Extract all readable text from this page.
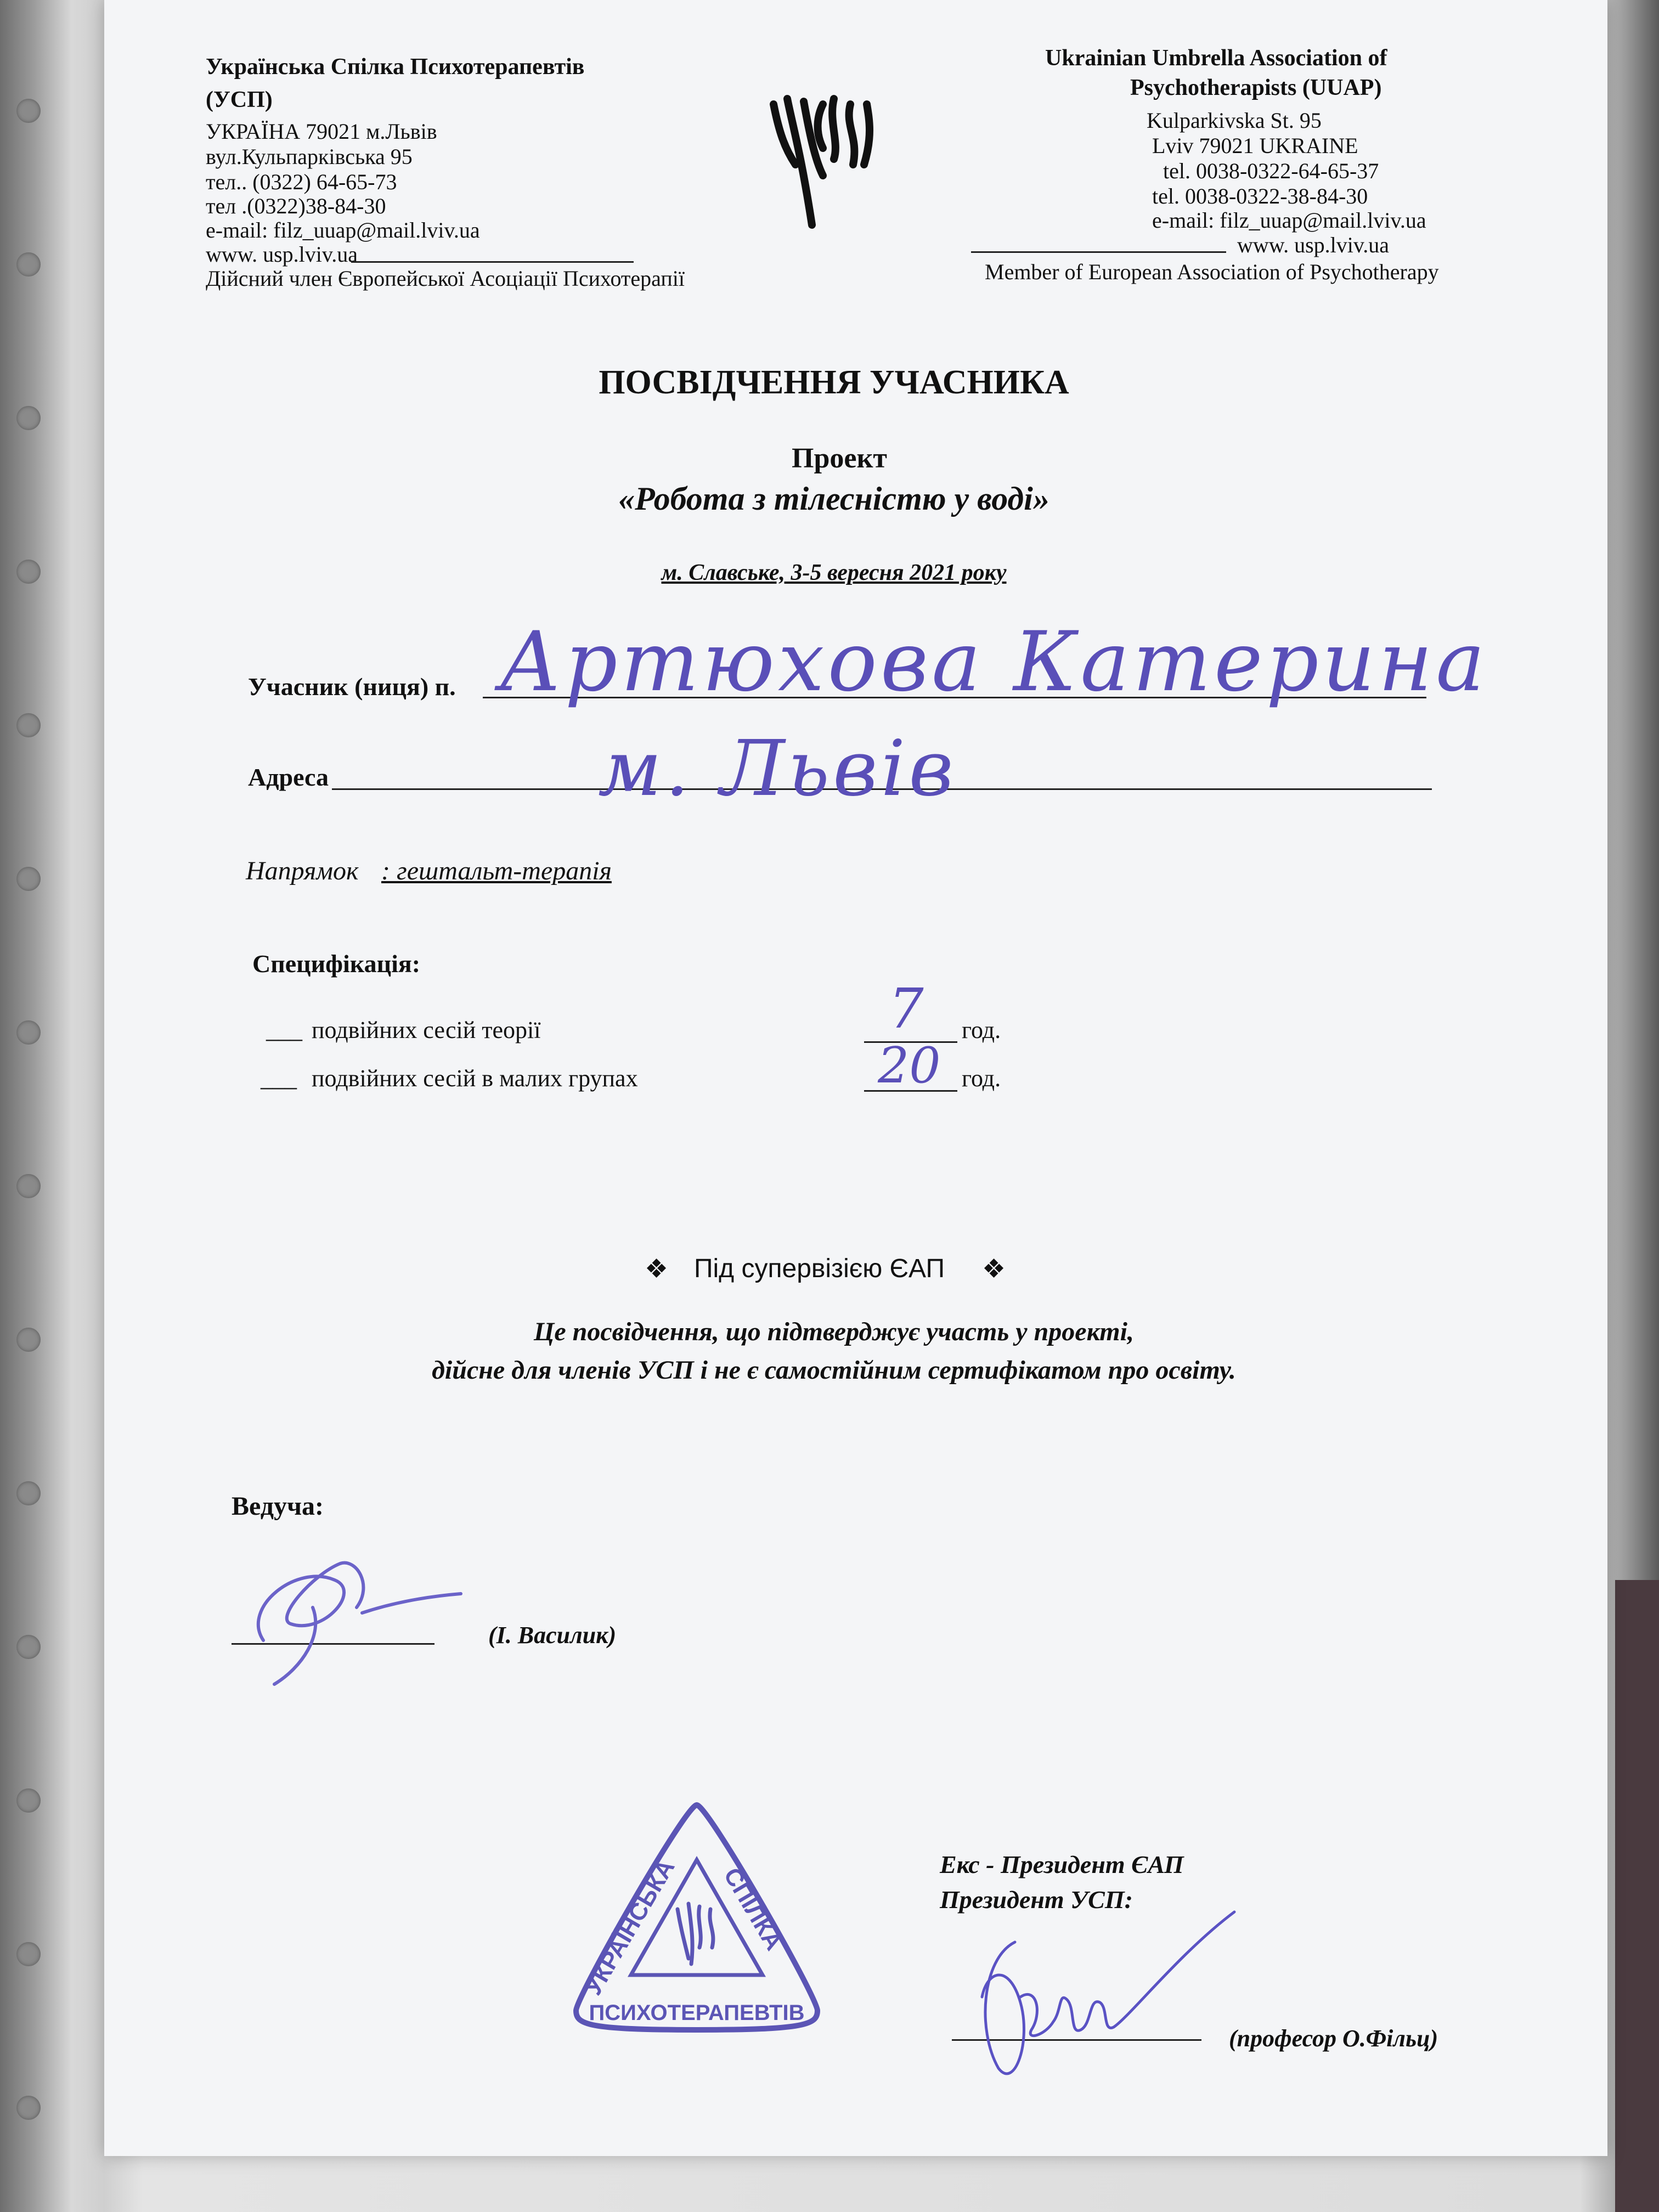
Українська Спілка Психотерапевтів
(УСП)
УКРАЇНА 79021 м.Львів
вул.Кульпарківська 95
тел.. (0322) 64-65-73
тел .(0322)38-84-30
e-mail: filz_uuap@mail.lviv.ua
www. usp.lviv.ua
Дійсний член Європейської Асоціації Психотерапії
Ukrainian Umbrella Association of
Psychotherapists (UUAP)
Kulparkivska St. 95
Lviv 79021 UKRAINE
tel. 0038-0322-64-65-37
tel. 0038-0322-38-84-30
e-mail: filz_uuap@mail.lviv.ua
www. usp.lviv.ua
Member of European Association of Psychotherapy
ПОСВІДЧЕННЯ УЧАСНИКА
Проект
«Робота з тілесністю у воді»
м. Славське, 3-5 вересня 2021 року
Учасник (ниця) п. Артюхова Катерина
Адреса	м. Львів
Напрямок : гештальт-терапія
Специфікація:
___ подвійних сесій теорії	7 год.
___ подвійних сесій в малих групах	20 год.
❖ Під супервізією ЄАП ❖
Це посвідчення, що підтверджує участь у проекті,
дійсне для членів УСП і не є самостійним сертифікатом про освіту.
Ведуча:
(І. Василик)
УКРАЇНСЬКА СПІЛКА
ПСИХОТЕРАПЕВТІВ
Екс - Президент ЄАП
Президент УСП:
(професор О.Фільц)
